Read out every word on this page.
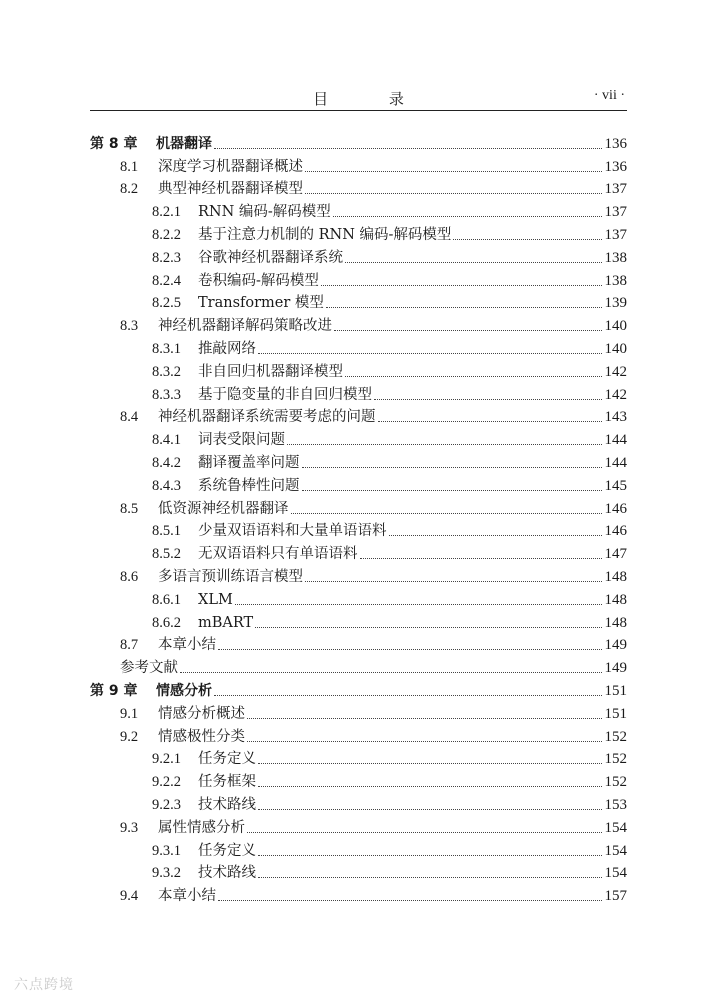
目 录	· vii ·
第 8 章	机器翻译	136
8.1	深度学习机器翻译概述	136
8.2	典型神经机器翻译模型	137
8.2.1	RNN 编码-解码模型	137
8.2.2	基于注意力机制的 RNN 编码-解码模型	137
8.2.3	谷歌神经机器翻译系统	138
8.2.4	卷积编码-解码模型	138
8.2.5	Transformer 模型	139
8.3	神经机器翻译解码策略改进	140
8.3.1	推敲网络	140
8.3.2	非自回归机器翻译模型	142
8.3.3	基于隐变量的非自回归模型	142
8.4	神经机器翻译系统需要考虑的问题	143
8.4.1	词表受限问题	144
8.4.2	翻译覆盖率问题	144
8.4.3	系统鲁棒性问题	145
8.5	低资源神经机器翻译	146
8.5.1	少量双语语料和大量单语语料	146
8.5.2	无双语语料只有单语语料	147
8.6	多语言预训练语言模型	148
8.6.1	XLM	148
8.6.2	mBART	148
8.7	本章小结	149
参考文献	149
第 9 章	情感分析	151
9.1	情感分析概述	151
9.2	情感极性分类	152
9.2.1	任务定义	152
9.2.2	任务框架	152
9.2.3	技术路线	153
9.3	属性情感分析	154
9.3.1	任务定义	154
9.3.2	技术路线	154
9.4	本章小结	157
六点跨境
